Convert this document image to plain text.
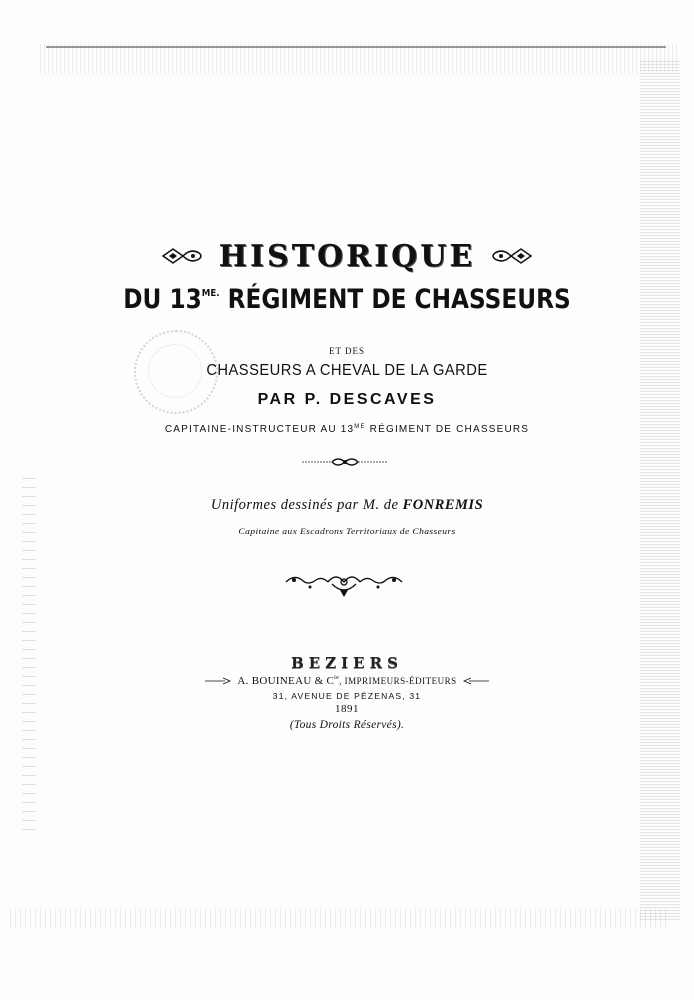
HISTORIQUE
DU $13^{ME.}$ RÉGIMENT DE CHASSEURS
ET DES
CHASSEURS A CHEVAL DE LA GARDE
PAR P. DESCAVES
CAPITAINE-INSTRUCTEUR AU $13^{ME}$ RÉGIMENT DE CHASSEURS
Uniformes dessinés par M. de FONREMIS
Capitaine aux Escadrons Territoriaux de Chasseurs
BEZIERS
A. BOUINEAU & $C^{ie}$, IMPRIMEURS-ÉDITEURS
31, AVENUE DE PÉZENAS, 31
1891
(Tous Droits Réservés).
